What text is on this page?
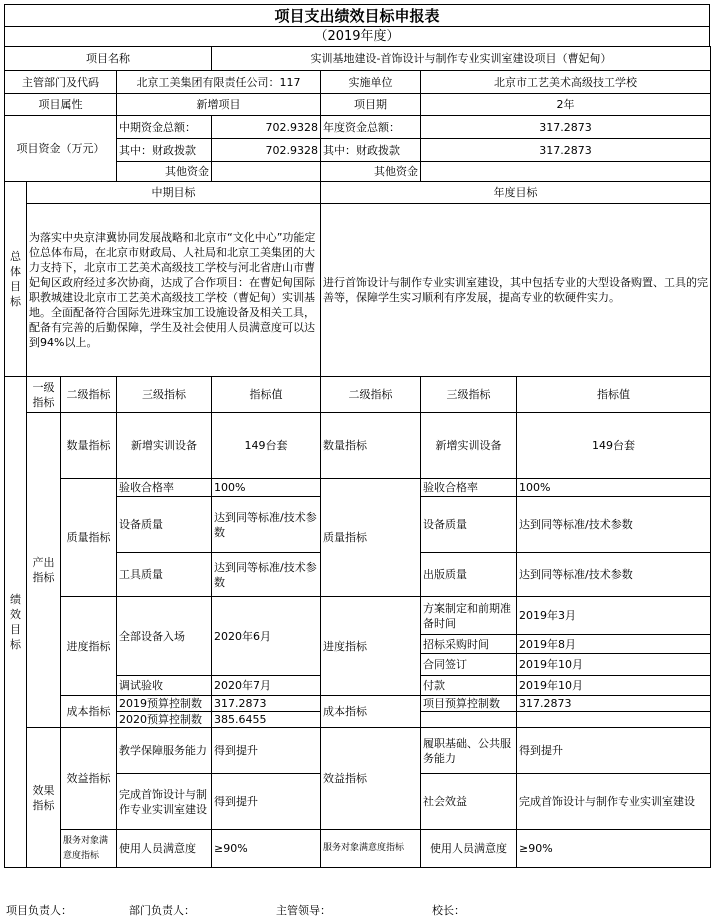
项目支出绩效目标申报表
（2019年度）
项目名称				实训基地建设-首饰设计与制作专业实训室建设项目（曹妃甸）			
主管部门及代码			北京工美集团有限责任公司：117		实施单位	北京市工艺美术高级技工学校	
项目属性			新增项目		项目期	2年	
项目资金（万元）			中期资金总额：	702.9328	年度资金总额：	317.2873	
			其中：财政拨款	702.9328	其中：财政拨款	317.2873	
			其他资金		其他资金		
总体目标	中期目标				年度目标		
	为落实中央京津冀协同发展战略和北京市“文化中心”功能定位总体布局，在北京市财政局、人社局和北京工美集团的大力支持下，北京市工艺美术高级技工学校与河北省唐山市曹妃甸区政府经过多次协商，达成了合作项目：在曹妃甸国际职教城建设北京市工艺美术高级技工学校（曹妃甸）实训基地。全面配备符合国际先进珠宝加工设施设备及相关工具，配备有完善的后勤保障，学生及社会使用人员满意度可以达到94%以上。				进行首饰设计与制作专业实训室建设，其中包括专业的大型设备购置、工具的完善等，保障学生实习顺利有序发展，提高专业的软硬件实力。		
绩效目标	一级指标	二级指标	三级指标	指标值	二级指标	三级指标	指标值
	产出指标	数量指标	新增实训设备	149台套	数量指标	新增实训设备	149台套
		质量指标	验收合格率	100%	质量指标	验收合格率	100%
			设备质量	达到同等标准/技术参数		设备质量	达到同等标准/技术参数
			工具质量	达到同等标准/技术参数		出版质量	达到同等标准/技术参数
		进度指标	全部设备入场	2020年6月	进度指标	方案制定和前期准备时间	2019年3月
						招标采购时间	2019年8月
						合同签订	2019年10月
			调试验收	2020年7月		付款	2019年10月
		成本指标	2019预算控制数	317.2873	成本指标	项目预算控制数	317.2873
			2020预算控制数	385.6455			
	效果指标	效益指标	教学保障服务能力	得到提升	效益指标	履职基础、公共服务能力	得到提升
			完成首饰设计与制作专业实训室建设	得到提升		社会效益	完成首饰设计与制作专业实训室建设
		服务对象满意度指标	使用人员满意度	≥90%	服务对象满意度指标	使用人员满意度	≥90%
项目负责人：	部门负责人：	主管领导：	校长：
